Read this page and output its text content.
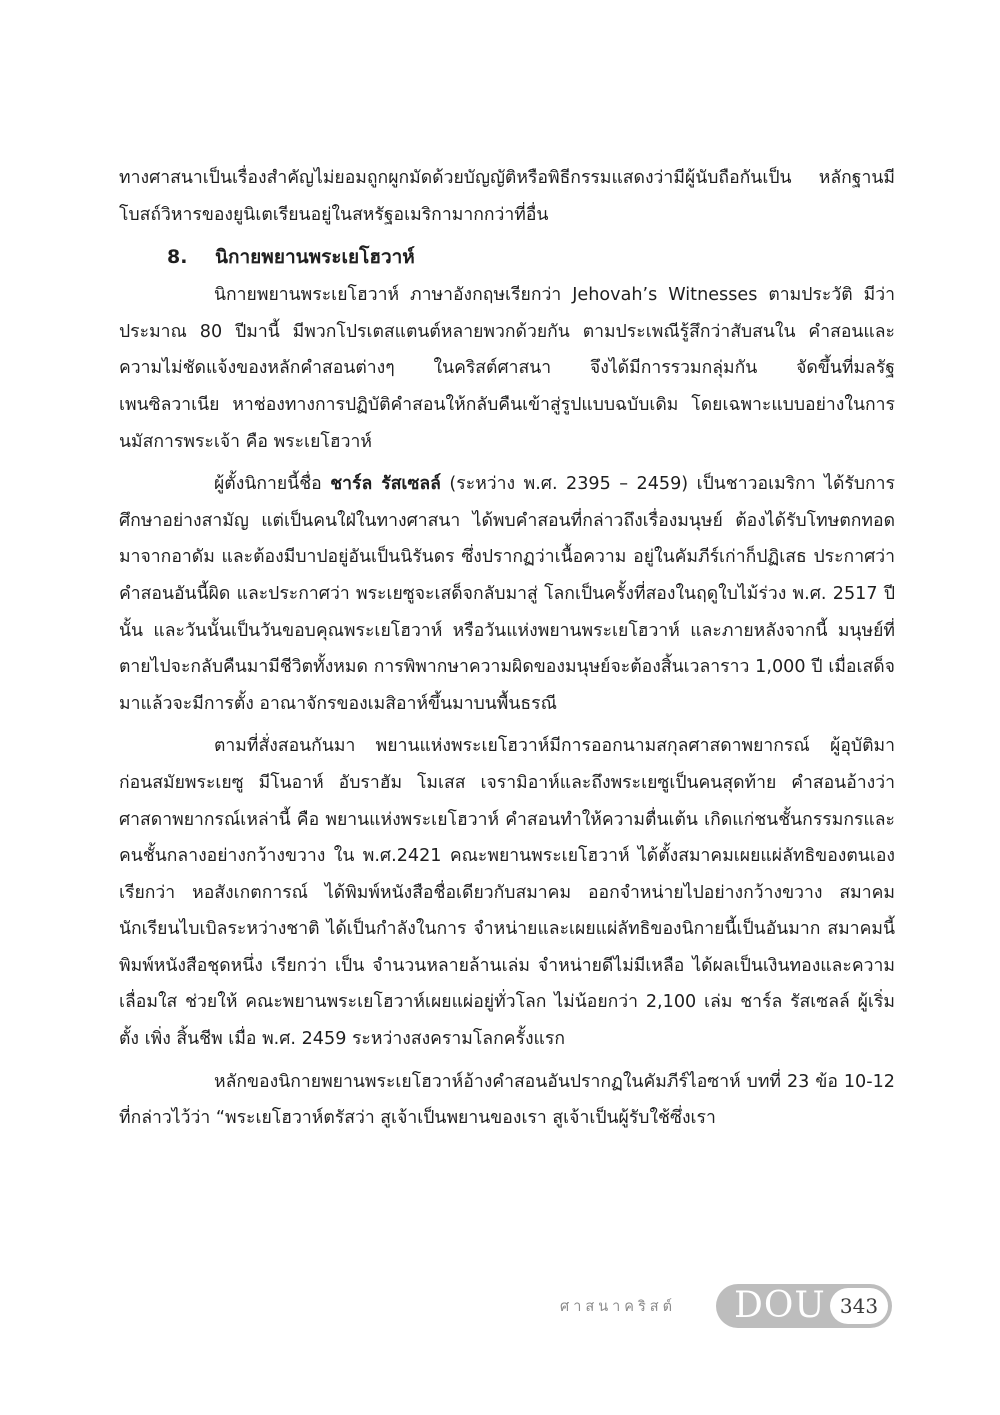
ทางศาสนาเป็นเรื่องสำคัญไม่ยอมถูกผูกมัดด้วยบัญญัติหรือพิธีกรรมแสดงว่ามีผู้นับถือกันเป็น หลักฐานมีโบสถ์วิหารของยูนิเตเรียนอยู่ในสหรัฐอเมริกามากกว่าที่อื่น

8. นิกายพยานพระเยโฮวาห์

นิกายพยานพระเยโฮวาห์ ภาษาอังกฤษเรียกว่า Jehovah’s Witnesses ตามประวัติ มีว่าประมาณ 80 ปีมานี้ มีพวกโปรเตสแตนต์หลายพวกด้วยกัน ตามประเพณีรู้สึกว่าสับสนใน คำสอนและความไม่ชัดแจ้งของหลักคำสอนต่างๆ ในคริสต์ศาสนา จึงได้มีการรวมกลุ่มกัน จัดขึ้นที่มลรัฐเพนซิลวาเนีย หาช่องทางการปฏิบัติคำสอนให้กลับคืนเข้าสู่รูปแบบฉบับเดิม โดยเฉพาะแบบอย่างในการนมัสการพระเจ้า คือ พระเยโฮวาห์

ผู้ตั้งนิกายนี้ชื่อ ชาร์ล รัสเซลล์ (ระหว่าง พ.ศ. 2395 – 2459) เป็นชาวอเมริกา ได้รับการศึกษาอย่างสามัญ แต่เป็นคนใฝ่ในทางศาสนา ได้พบคำสอนที่กล่าวถึงเรื่องมนุษย์ ต้องได้รับโทษตกทอดมาจากอาดัม และต้องมีบาปอยู่อันเป็นนิรันดร ซึ่งปรากฏว่าเนื้อความ อยู่ในคัมภีร์เก่าก็ปฏิเสธ ประกาศว่า คำสอนอันนี้ผิด และประกาศว่า พระเยซูจะเสด็จกลับมาสู่ โลกเป็นครั้งที่สองในฤดูใบไม้ร่วง พ.ศ. 2517 ปีนั้น และวันนั้นเป็นวันขอบคุณพระเยโฮวาห์ หรือวันแห่งพยานพระเยโฮวาห์ และภายหลังจากนี้ มนุษย์ที่ตายไปจะกลับคืนมามีชีวิตทั้งหมด การพิพากษาความผิดของมนุษย์จะต้องสิ้นเวลาราว 1,000 ปี เมื่อเสด็จมาแล้วจะมีการตั้ง อาณาจักรของเมสิอาห์ขึ้นมาบนพื้นธรณี

ตามที่สั่งสอนกันมา พยานแห่งพระเยโฮวาห์มีการออกนามสกุลศาสดาพยากรณ์ ผู้อุบัติมาก่อนสมัยพระเยซู มีโนอาห์ อับราฮัม โมเสส เจรามิอาห์และถึงพระเยซูเป็นคนสุดท้าย คำสอนอ้างว่าศาสดาพยากรณ์เหล่านี้ คือ พยานแห่งพระเยโฮวาห์ คำสอนทำให้ความตื่นเต้น เกิดแก่ชนชั้นกรรมกรและคนชั้นกลางอย่างกว้างขวาง ใน พ.ศ.2421 คณะพยานพระเยโฮวาห์ ได้ตั้งสมาคมเผยแผ่ลัทธิของตนเองเรียกว่า หอสังเกตการณ์ ได้พิมพ์หนังสือชื่อเดียวกับสมาคม ออกจำหน่ายไปอย่างกว้างขวาง สมาคมนักเรียนไบเบิลระหว่างชาติ ได้เป็นกำลังในการ จำหน่ายและเผยแผ่ลัทธิของนิกายนี้เป็นอันมาก สมาคมนี้พิมพ์หนังสือชุดหนึ่ง เรียกว่า เป็น จำนวนหลายล้านเล่ม จำหน่ายดีไม่มีเหลือ ได้ผลเป็นเงินทองและความเลื่อมใส ช่วยให้ คณะพยานพระเยโฮวาห์เผยแผ่อยู่ทั่วโลก ไม่น้อยกว่า 2,100 เล่ม ชาร์ล รัสเซลล์ ผู้เริ่มตั้ง เพิ่ง สิ้นชีพ เมื่อ พ.ศ. 2459 ระหว่างสงครามโลกครั้งแรก

หลักของนิกายพยานพระเยโฮวาห์อ้างคำสอนอันปรากฏในคัมภีร์ไอซาห์ บทที่ 23 ข้อ 10-12 ที่กล่าวไว้ว่า “พระเยโฮวาห์ตรัสว่า สูเจ้าเป็นพยานของเรา สูเจ้าเป็นผู้รับใช้ซึ่งเรา

ศาสนาคริสต์	DOU 343
